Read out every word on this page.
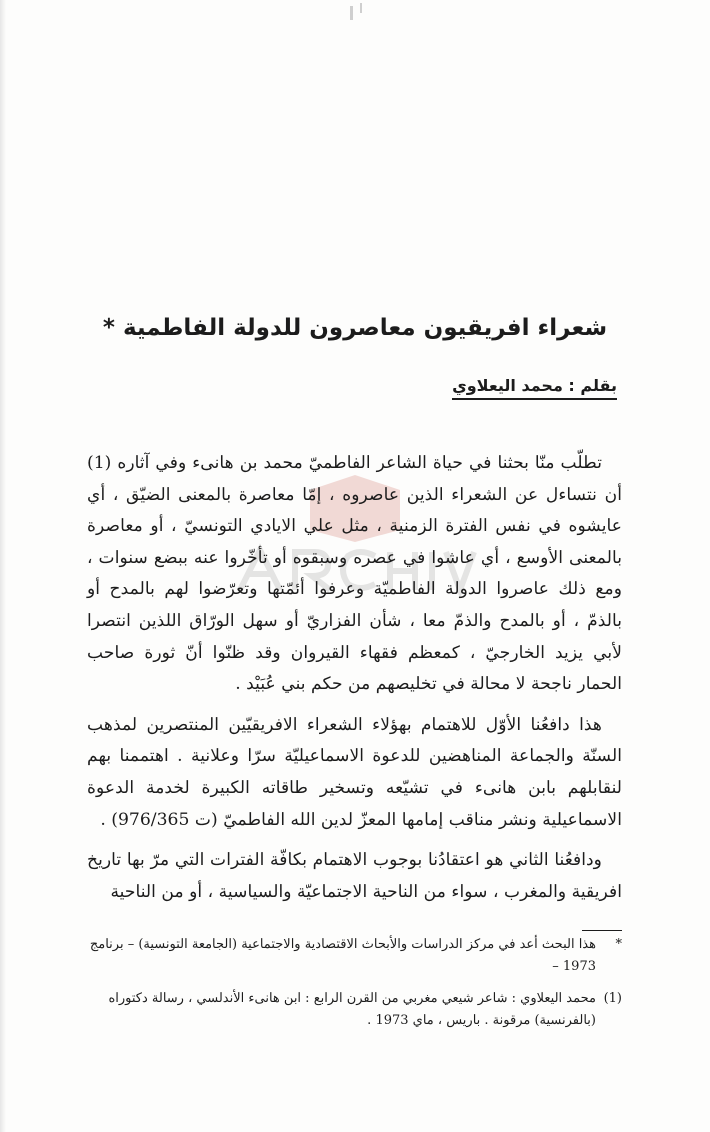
شعراء افريقيون معاصرون للدولة الفاطمية *
بقلم : محمد اليعلاوي

تطلّب منّا بحثنا في حياة الشاعر الفاطميّ محمد بن هانىء وفي آثاره (1) أن نتساءل عن الشعراء الذين عاصروه ، إمّا معاصرة بالمعنى الضيّق ، أي عايشوه في نفس الفترة الزمنية ، مثل علي الايادي التونسيّ ، أو معاصرة بالمعنى الأوسع ، أي عاشوا في عصره وسبقوه أو تأخّروا عنه ببضع سنوات ، ومع ذلك عاصروا الدولة الفاطميّة وعرفوا أئمّتها وتعرّضوا لهم بالمدح أو بالذمّ ، أو بالمدح والذمّ معا ، شأن الفزاريّ أو سهل الورّاق اللذين انتصرا لأبي يزيد الخارجيّ ، كمعظم فقهاء القيروان وقد ظنّوا أنّ ثورة صاحب الحمار ناجحة لا محالة في تخليصهم من حكم بني عُبَيْد .

هذا دافعُنا الأوّل للاهتمام بهؤلاء الشعراء الافريقيّين المنتصرين لمذهب السنّة والجماعة المناهضين للدعوة الاسماعيليّة سرّا وعلانية . اهتممنا بهم لنقابلهم بابن هانىء في تشيّعه وتسخير طاقاته الكبيرة لخدمة الدعوة الاسماعيلية ونشر مناقب إمامها المعزّ لدين الله الفاطميّ (ت 976/365) .

ودافعُنا الثاني هو اعتقادُنا بوجوب الاهتمام بكافّة الفترات التي مرّ بها تاريخ افريقية والمغرب ، سواء من الناحية الاجتماعيّة والسياسية ، أو من الناحية

*
هذا البحث أعد في مركز الدراسات والأبحاث الاقتصادية والاجتماعية (الجامعة التونسية) – برنامج 1973 –
(1)
محمد اليعلاوي : شاعر شيعي مغربي من القرن الرابع : ابن هانىء الأندلسي ، رسالة دكتوراه (بالفرنسية) مرقونة . باريس ، ماي 1973 .
